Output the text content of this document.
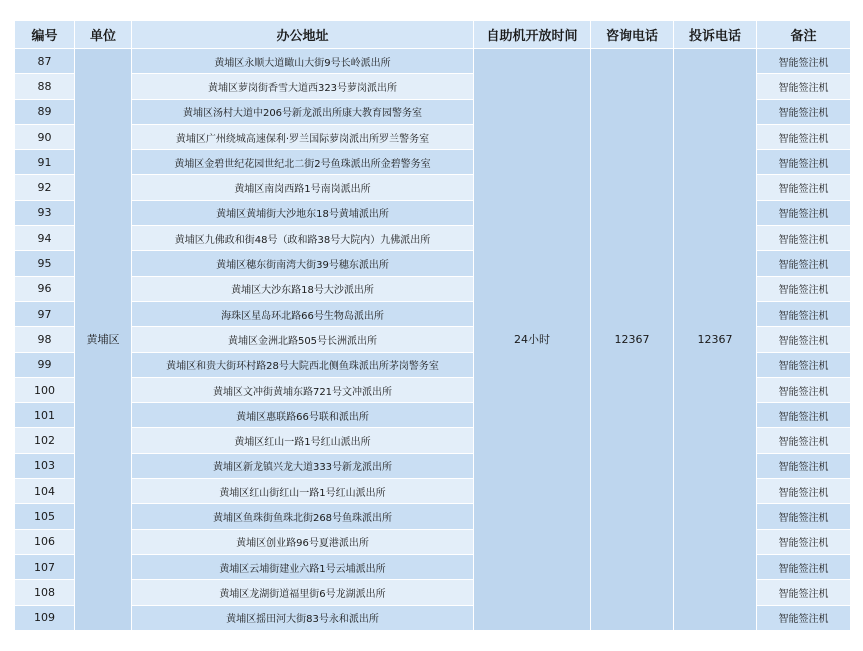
编号	单位	办公地址	自助机开放时间	咨询电话	投诉电话	备注
87	黄埔区	黄埔区永顺大道瞰山大街9号长岭派出所	24小时	12367	12367	智能签注机
88		黄埔区萝岗街香雪大道西323号萝岗派出所				智能签注机
89		黄埔区汤村大道中206号新龙派出所康大教育园警务室				智能签注机
90		黄埔区广州绕城高速保利·罗兰国际萝岗派出所罗兰警务室				智能签注机
91		黄埔区金碧世纪花园世纪北二街2号鱼珠派出所金碧警务室				智能签注机
92		黄埔区南岗西路1号南岗派出所				智能签注机
93		黄埔区黄埔街大沙地东18号黄埔派出所				智能签注机
94		黄埔区九佛政和街48号（政和路38号大院内）九佛派出所				智能签注机
95		黄埔区穗东街南湾大街39号穗东派出所				智能签注机
96		黄埔区大沙东路18号大沙派出所				智能签注机
97		海珠区星岛环北路66号生物岛派出所				智能签注机
98		黄埔区金洲北路505号长洲派出所				智能签注机
99		黄埔区和贵大街环村路28号大院西北侧鱼珠派出所茅岗警务室				智能签注机
100		黄埔区文冲街黄埔东路721号文冲派出所				智能签注机
101		黄埔区惠联路66号联和派出所				智能签注机
102		黄埔区红山一路1号红山派出所				智能签注机
103		黄埔区新龙镇兴龙大道333号新龙派出所				智能签注机
104		黄埔区红山街红山一路1号红山派出所				智能签注机
105		黄埔区鱼珠街鱼珠北街268号鱼珠派出所				智能签注机
106		黄埔区创业路96号夏港派出所				智能签注机
107		黄埔区云埔街建业六路1号云埔派出所				智能签注机
108		黄埔区龙湖街道福里街6号龙湖派出所				智能签注机
109		黄埔区摇田河大街83号永和派出所				智能签注机
